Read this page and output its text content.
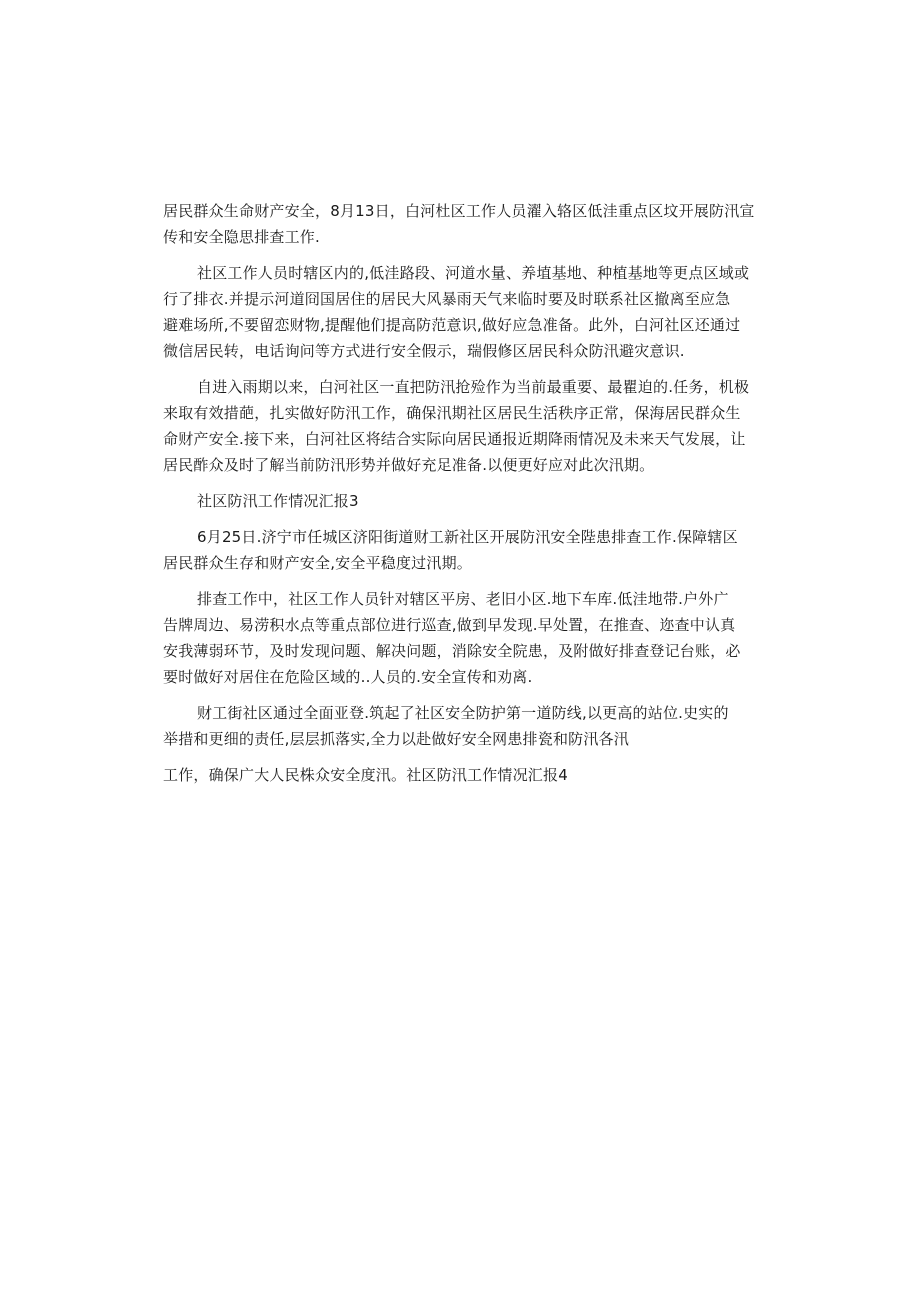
居民群众生命财产安全，8月13日，白河杜区工作人员濯入辂区低洼重点区坟开展防汛宣
传和安全隐思排查工作.
社区工作人员时辖区内的,低洼路段、河道水量、养埴基地、种植基地等更点区域或
行了排衣.并提示河道冏国居住的居民大风暴雨天气来临时要及时联系社区撤离至应急
避难场所,不要留恋财物,提醒他们提高防范意识,做好应急准备。此外，白河社区还通过
微信居民转，电话询问等方式进行安全假示，瑞假修区居民科众防汛避灾意识.
自进入雨期以来，白河社区一直把防汛抢殓作为当前最重要、最瞿迫的.任务，机极
来取有效措葩，扎实做好防汛工作，确保汛期社区居民生活秩序正常，保海居民群众生
命财产安全.接下来，白河社区将结合实际向居民通报近期降雨情况及未来天气发展，让
居民酢众及时了解当前防汛形势并做好充足准备.以便更好应对此次汛期。
社区防汛工作情况汇报3
6月25日.济宁市任城区济阳街道财工新社区开展防汛安全陛患排查工作.保障辖区
居民群众生存和财产安全,安全平稳度过汛期。
排查工作中，社区工作人员针对辖区平房、老旧小区.地下车库.低洼地带.户外广
告牌周边、易涝积水点等重点部位进行巡查,做到早发现.早处置，在推查、迩查中认真
安我薄弱环节，及时发现问题、解决问题，消除安全院患，及附做好排查登记台账，必
要时做好对居住在危险区域的..人员的.安全宣传和劝离.
财工街社区通过全面亚登.筑起了社区安全防护第一道防线,以更高的站位.史实的
举措和更细的责任,层层抓落实,全力以赴做好安全网患排瓷和防汛各汛
工作，确保广大人民株众安全度汛。社区防汛工作情况汇报4
